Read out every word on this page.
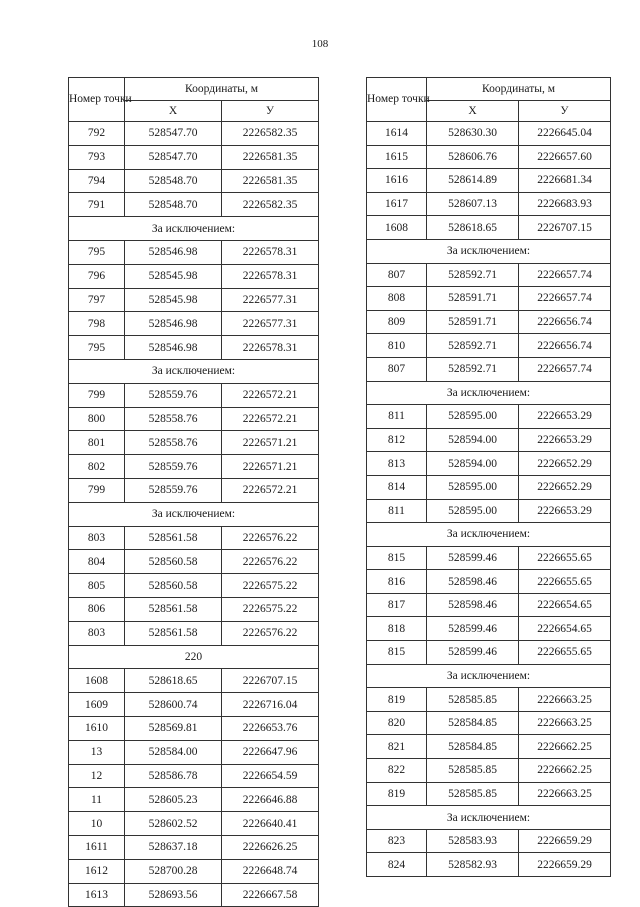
108
Номер точки	Координаты, м	
	Х	У
792	528547.70	2226582.35
793	528547.70	2226581.35
794	528548.70	2226581.35
791	528548.70	2226582.35
За исключением:		
795	528546.98	2226578.31
796	528545.98	2226578.31
797	528545.98	2226577.31
798	528546.98	2226577.31
795	528546.98	2226578.31
За исключением:		
799	528559.76	2226572.21
800	528558.76	2226572.21
801	528558.76	2226571.21
802	528559.76	2226571.21
799	528559.76	2226572.21
За исключением:		
803	528561.58	2226576.22
804	528560.58	2226576.22
805	528560.58	2226575.22
806	528561.58	2226575.22
803	528561.58	2226576.22
220		
1608	528618.65	2226707.15
1609	528600.74	2226716.04
1610	528569.81	2226653.76
13	528584.00	2226647.96
12	528586.78	2226654.59
11	528605.23	2226646.88
10	528602.52	2226640.41
1611	528637.18	2226626.25
1612	528700.28	2226648.74
1613	528693.56	2226667.58
Номер точки	Координаты, м	
	Х	У
1614	528630.30	2226645.04
1615	528606.76	2226657.60
1616	528614.89	2226681.34
1617	528607.13	2226683.93
1608	528618.65	2226707.15
За исключением:		
807	528592.71	2226657.74
808	528591.71	2226657.74
809	528591.71	2226656.74
810	528592.71	2226656.74
807	528592.71	2226657.74
За исключением:		
811	528595.00	2226653.29
812	528594.00	2226653.29
813	528594.00	2226652.29
814	528595.00	2226652.29
811	528595.00	2226653.29
За исключением:		
815	528599.46	2226655.65
816	528598.46	2226655.65
817	528598.46	2226654.65
818	528599.46	2226654.65
815	528599.46	2226655.65
За исключением:		
819	528585.85	2226663.25
820	528584.85	2226663.25
821	528584.85	2226662.25
822	528585.85	2226662.25
819	528585.85	2226663.25
За исключением:		
823	528583.93	2226659.29
824	528582.93	2226659.29
